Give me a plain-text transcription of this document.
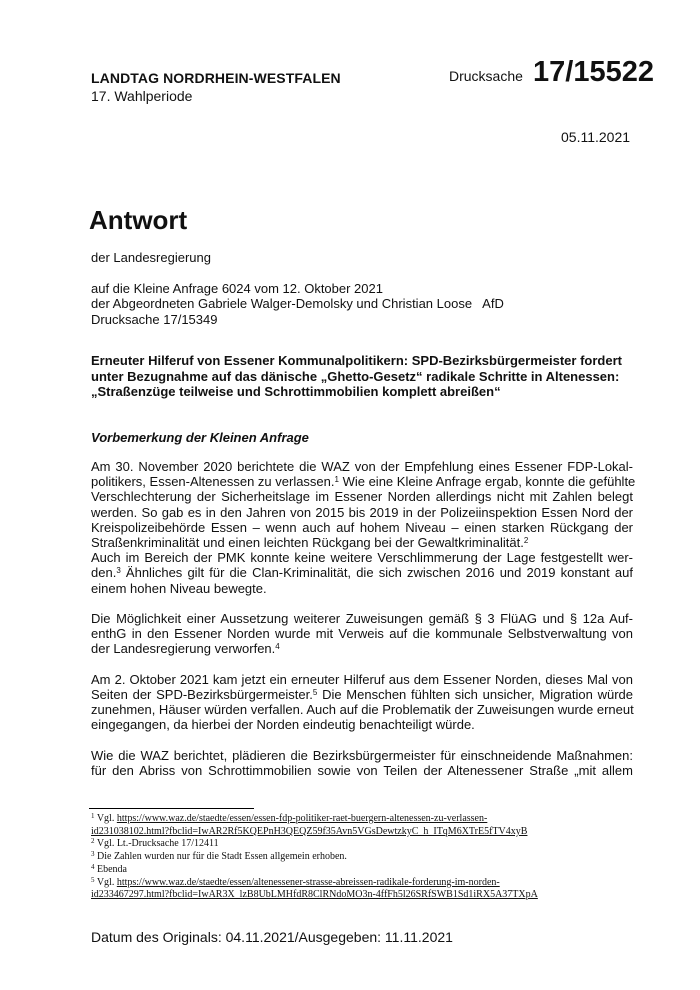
LANDTAG NORDRHEIN-WESTFALEN
17. Wahlperiode
Drucksache 17/15522
05.11.2021
Antwort
der Landesregierung
auf die Kleine Anfrage 6024 vom 12. Oktober 2021
der Abgeordneten Gabriele Walger-Demolsky und Christian Loose   AfD
Drucksache 17/15349
Erneuter Hilferuf von Essener Kommunalpolitikern: SPD-Bezirksbürgermeister fordert
unter Bezugnahme auf das dänische „Ghetto-Gesetz“ radikale Schritte in Altenessen:
„Straßenzüge teilweise und Schrottimmobilien komplett abreißen“
Vorbemerkung der Kleinen Anfrage
Am 30. November 2020 berichtete die WAZ von der Empfehlung eines Essener FDP-Lokal-
politikers, Essen-Altenessen zu verlassen.$^1$ Wie eine Kleine Anfrage ergab, konnte die gefühlte
Verschlechterung der Sicherheitslage im Essener Norden allerdings nicht mit Zahlen belegt
werden. So gab es in den Jahren von 2015 bis 2019 in der Polizeiinspektion Essen Nord der
Kreispolizeibehörde Essen – wenn auch auf hohem Niveau – einen starken Rückgang der
Straßenkriminalität und einen leichten Rückgang bei der Gewaltkriminalität.$^2$
Auch im Bereich der PMK konnte keine weitere Verschlimmerung der Lage festgestellt wer-
den.$^3$ Ähnliches gilt für die Clan-Kriminalität, die sich zwischen 2016 und 2019 konstant auf
einem hohen Niveau bewegte.
Die Möglichkeit einer Aussetzung weiterer Zuweisungen gemäß § 3 FlüAG und § 12a Auf-
enthG in den Essener Norden wurde mit Verweis auf die kommunale Selbstverwaltung von
der Landesregierung verworfen.$^4$
Am 2. Oktober 2021 kam jetzt ein erneuter Hilferuf aus dem Essener Norden, dieses Mal von
Seiten der SPD-Bezirksbürgermeister.$^5$ Die Menschen fühlten sich unsicher, Migration würde
zunehmen, Häuser würden verfallen. Auch auf die Problematik der Zuweisungen wurde erneut
eingegangen, da hierbei der Norden eindeutig benachteiligt würde.
Wie die WAZ berichtet, plädieren die Bezirksbürgermeister für einschneidende Maßnahmen:
für den Abriss von Schrottimmobilien sowie von Teilen der Altenessener Straße „mit allem
$^1$ Vgl. https://www.waz.de/staedte/essen/essen-fdp-politiker-raet-buergern-altenessen-zu-verlassen-
id231038102.html?fbclid=IwAR2Rf5KQEPnH3QEQZ59f35Avn5VGsDewtzkyC_h_ITqM6XTrE5fTV4xyB
$^2$ Vgl. Lt.-Drucksache 17/12411
$^3$ Die Zahlen wurden nur für die Stadt Essen allgemein erhoben.
$^4$ Ebenda
$^5$ Vgl. https://www.waz.de/staedte/essen/altenessener-strasse-abreissen-radikale-forderung-im-norden-
id233467297.html?fbclid=IwAR3X_lzB8UbLMHfdR8ClRNdoMO3n-4ffFh5l26SRfSWB1Sd1iRX5A37TXpA
Datum des Originals: 04.11.2021/Ausgegeben: 11.11.2021
